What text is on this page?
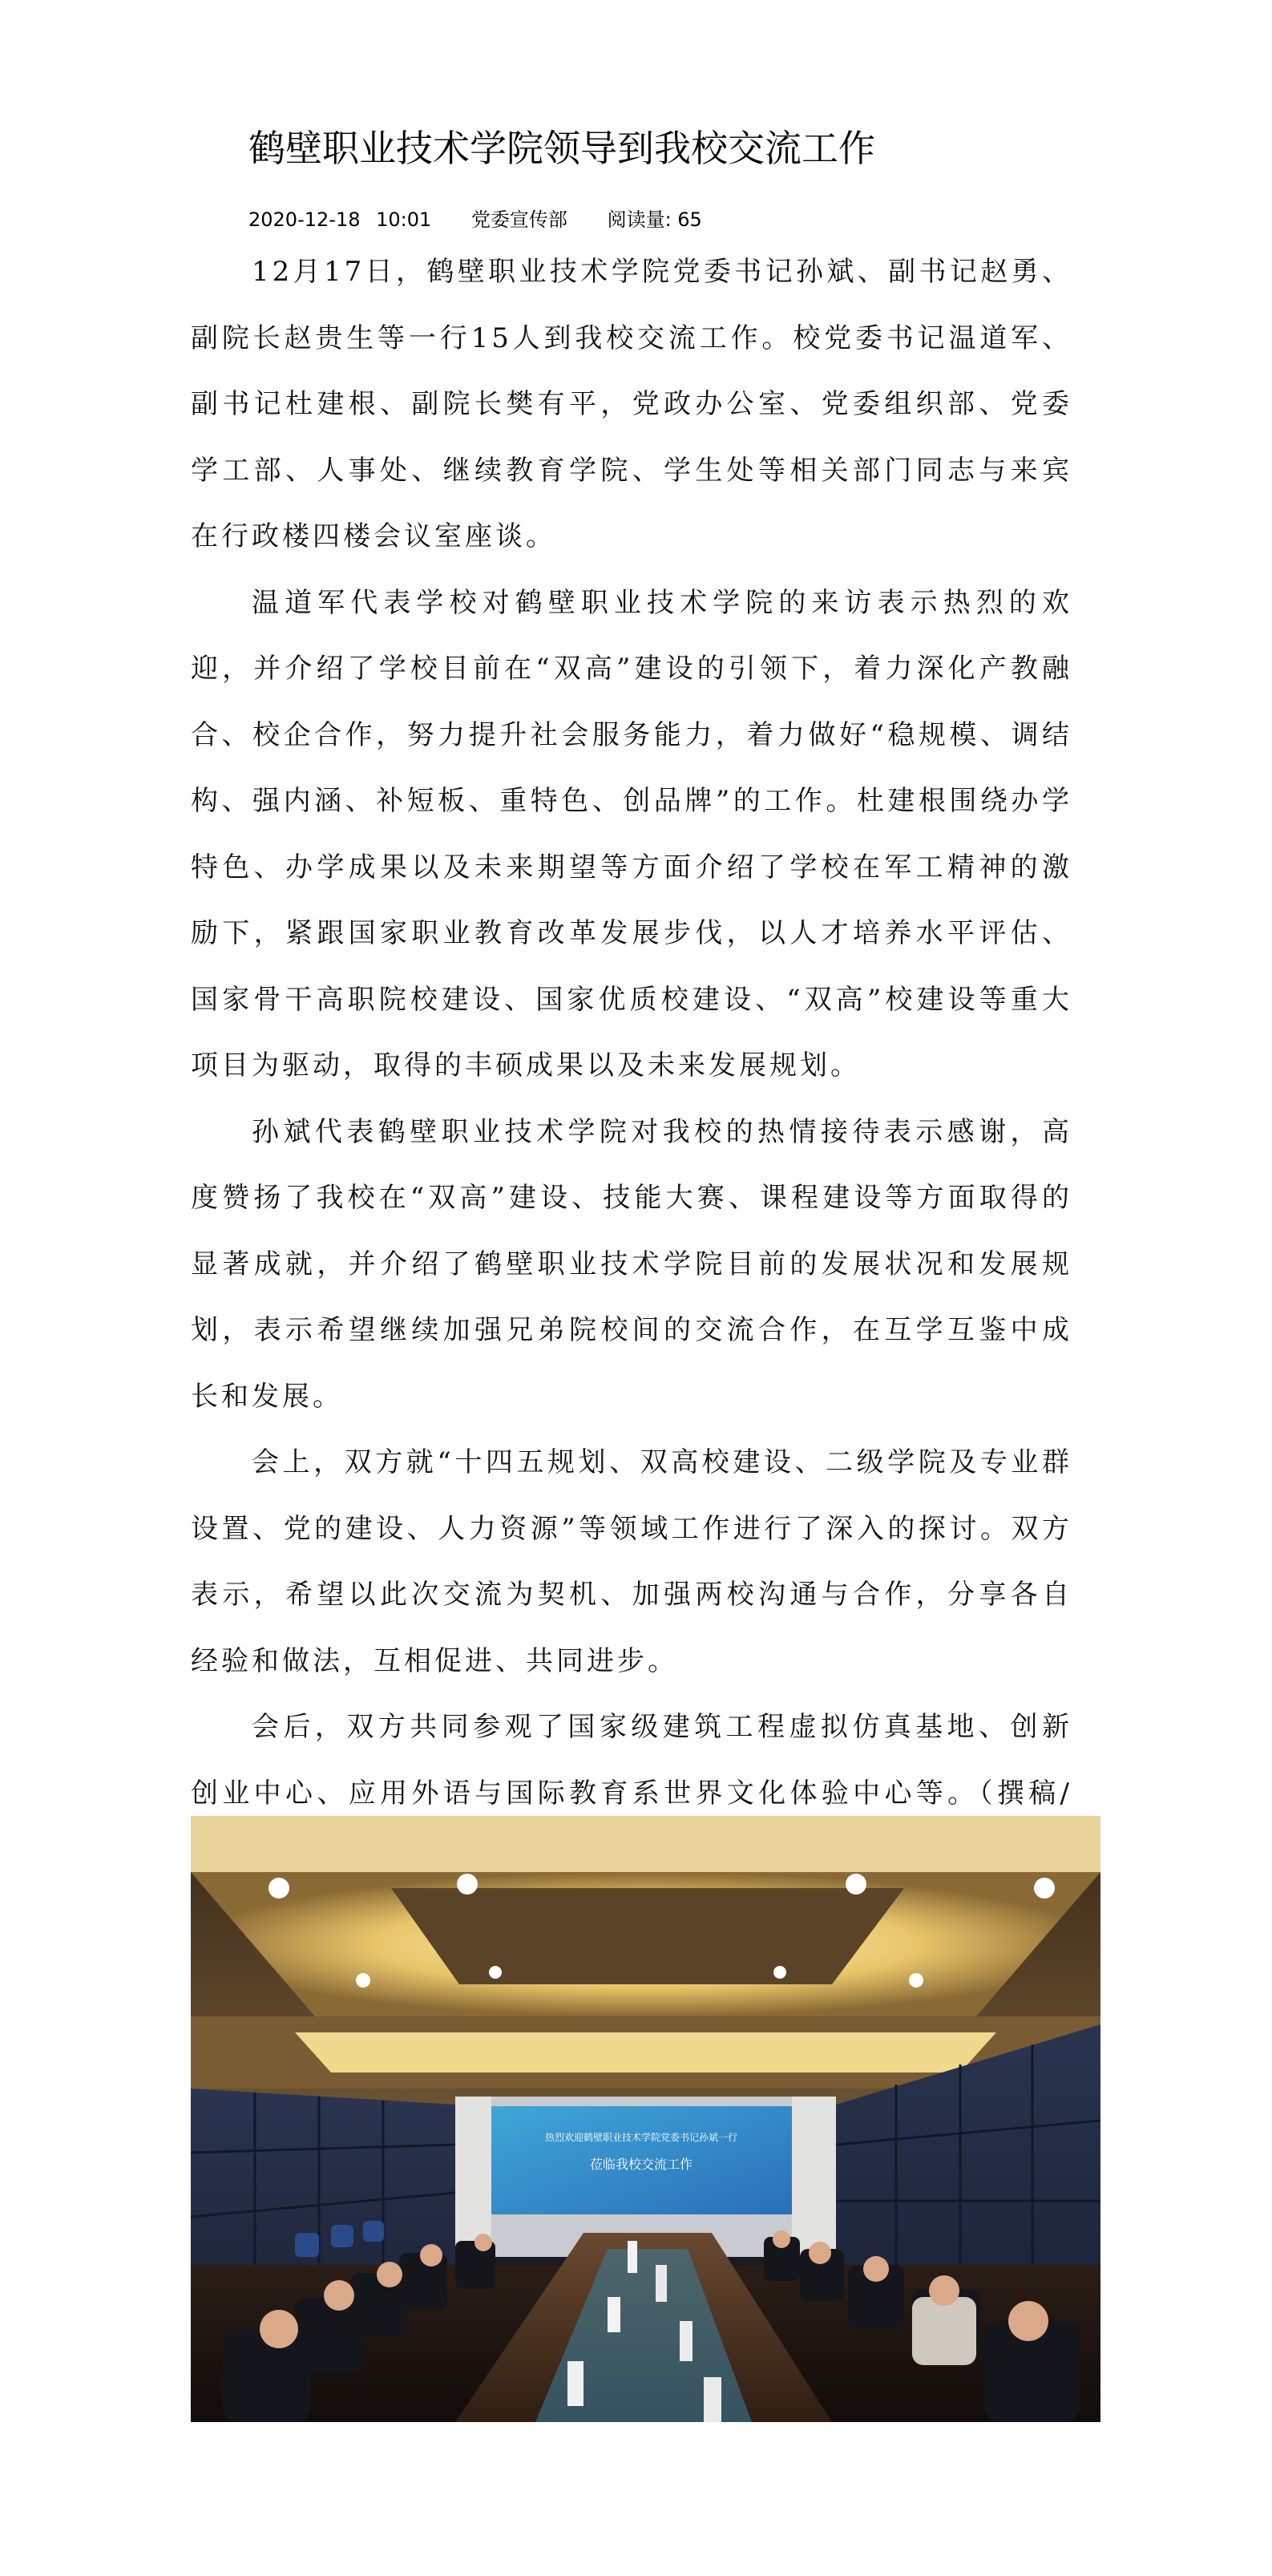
鹤壁职业技术学院领导到我校交流工作
2020-12-18 10:01 党委宣传部 阅读量: 65

12月17日，鹤壁职业技术学院党委书记孙斌、副书记赵勇、副院长赵贵生等一行15人到我校交流工作。校党委书记温道军、副书记杜建根、副院长樊有平，党政办公室、党委组织部、党委学工部、人事处、继续教育学院、学生处等相关部门同志与来宾在行政楼四楼会议室座谈。

温道军代表学校对鹤壁职业技术学院的来访表示热烈的欢迎，并介绍了学校目前在“双高”建设的引领下，着力深化产教融合、校企合作，努力提升社会服务能力，着力做好“稳规模、调结构、强内涵、补短板、重特色、创品牌”的工作。杜建根围绕办学特色、办学成果以及未来期望等方面介绍了学校在军工精神的激励下，紧跟国家职业教育改革发展步伐，以人才培养水平评估、国家骨干高职院校建设、国家优质校建设、“双高”校建设等重大项目为驱动，取得的丰硕成果以及未来发展规划。

孙斌代表鹤壁职业技术学院对我校的热情接待表示感谢，高度赞扬了我校在“双高”建设、技能大赛、课程建设等方面取得的显著成就，并介绍了鹤壁职业技术学院目前的发展状况和发展规划，表示希望继续加强兄弟院校间的交流合作，在互学互鉴中成长和发展。

会上，双方就“十四五规划、双高校建设、二级学院及专业群设置、党的建设、人力资源”等领域工作进行了深入的探讨。双方表示，希望以此次交流为契机、加强两校沟通与合作，分享各自经验和做法，互相促进、共同进步。

会后，双方共同参观了国家级建筑工程虚拟仿真基地、创新创业中心、应用外语与国际教育系世界文化体验中心等。（撰稿/

热烈欢迎鹤壁职业技术学院党委书记孙斌一行
莅临我校交流工作
